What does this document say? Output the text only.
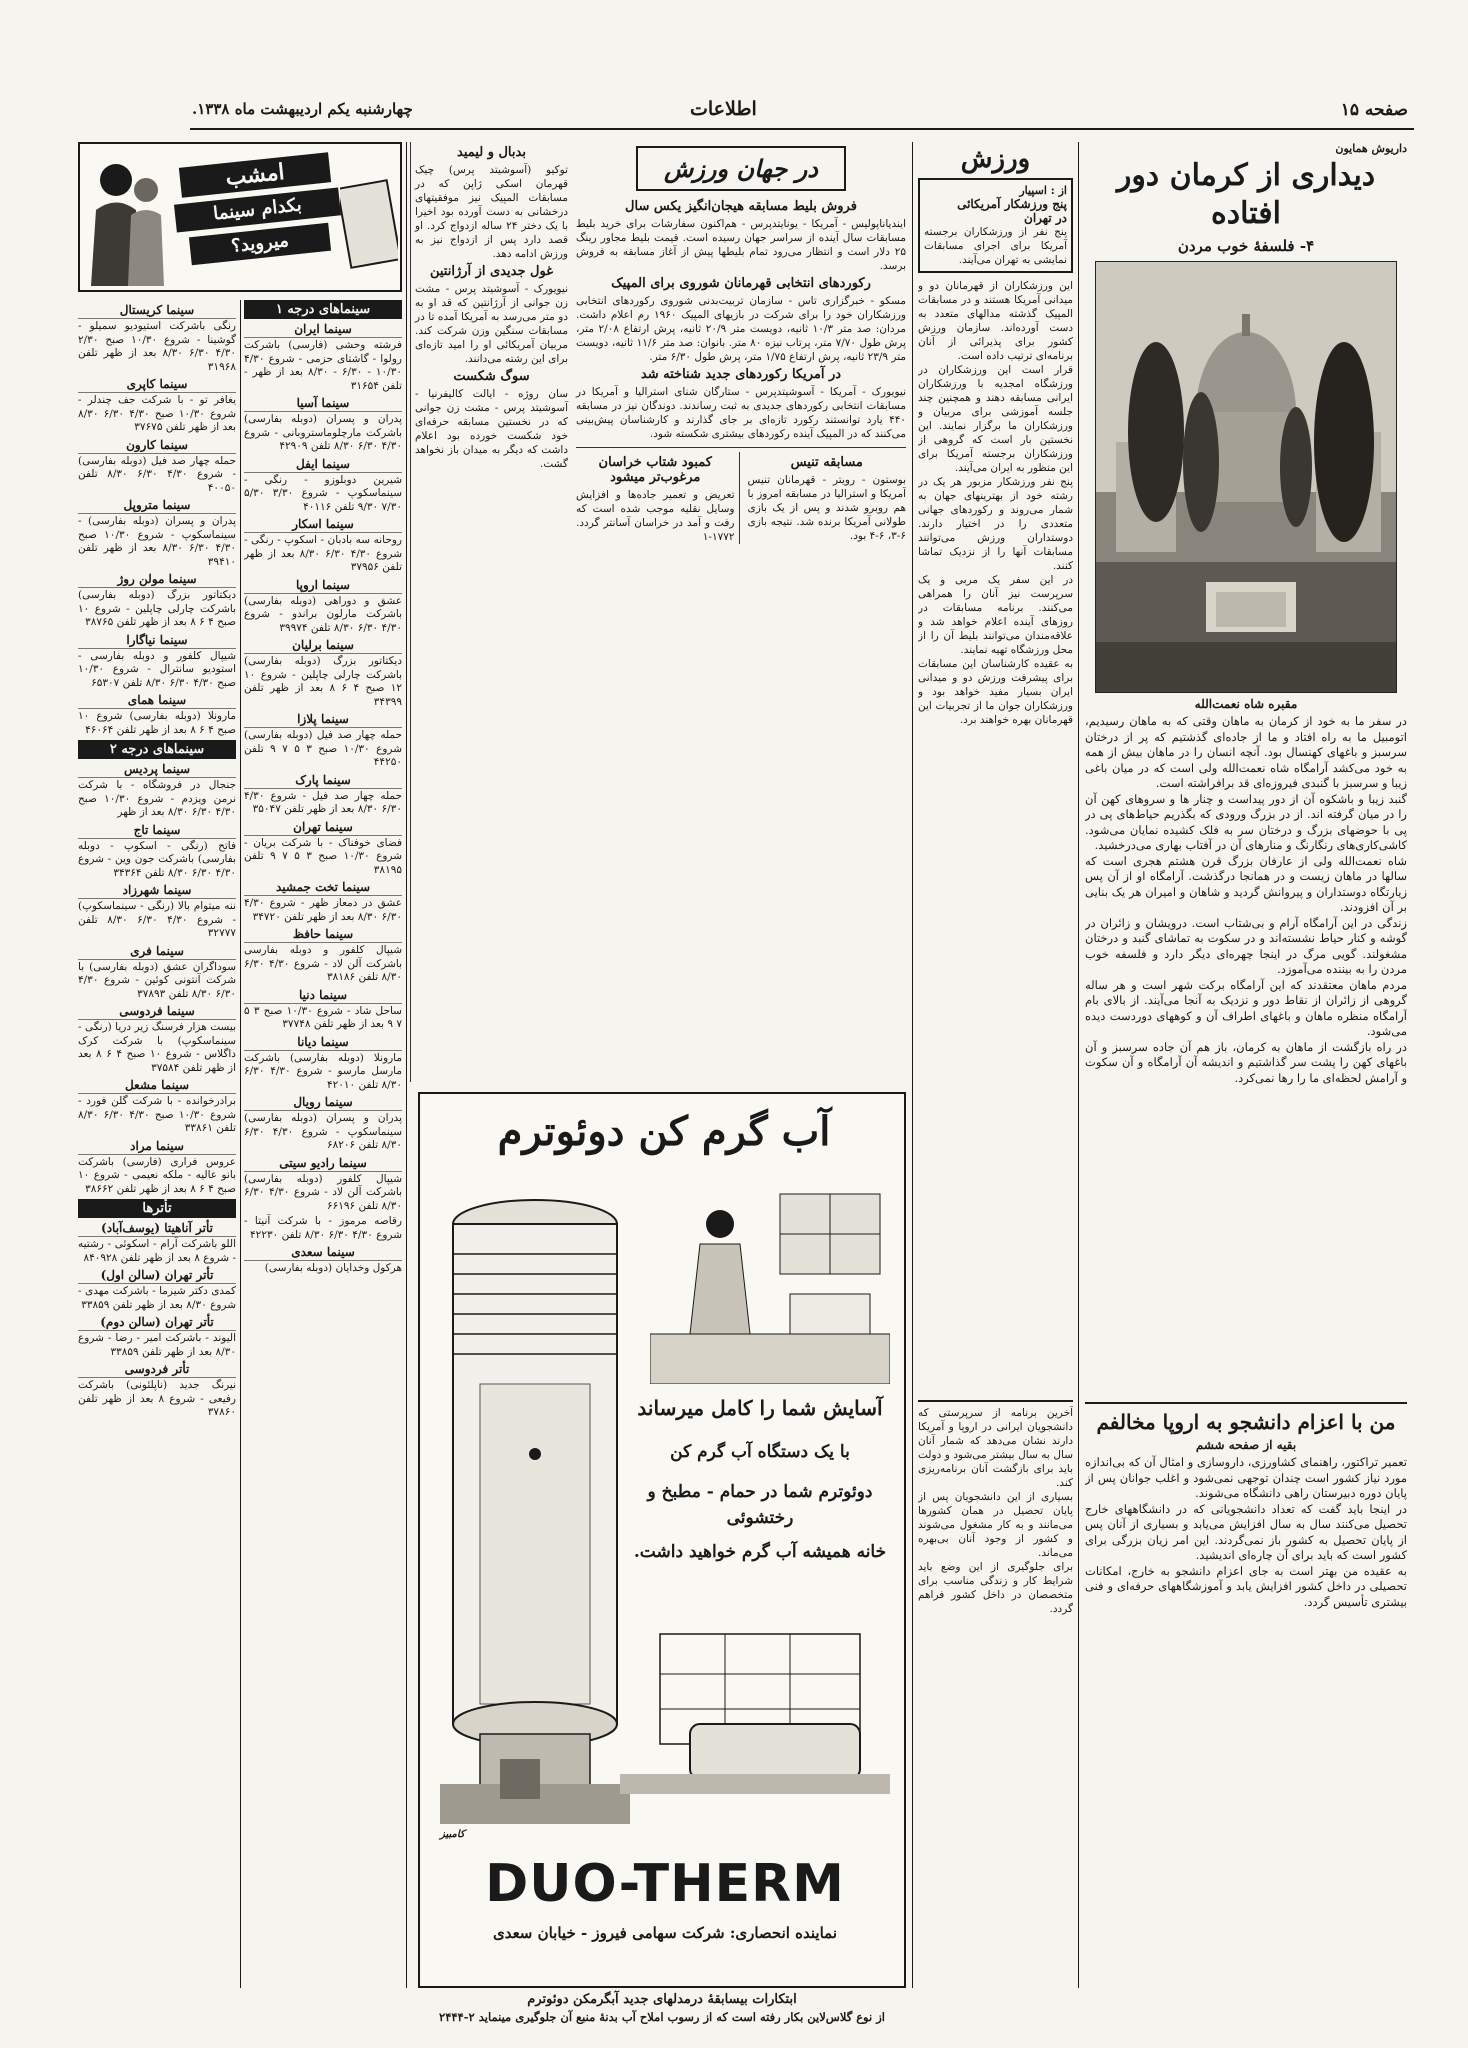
صفحه ۱۵
اطلاعات
چهارشنبه یکم اردیبهشت ماه ۱۳۳۸.
داریوش همایون
دیداری از کرمان دور افتاده
۴- فلسفهٔ خوب مردن
مقبره شاه نعمت‌الله

در سفر ما به خود از کرمان به ماهان وقتی که به ماهان رسیدیم، اتومبیل ما به راه افتاد و ما از جاده‌ای گذشتیم که پر از درختان سرسبز و باغهای کهنسال بود. آنچه انسان را در ماهان بیش از همه به خود می‌کشد آرامگاه شاه نعمت‌الله ولی است که در میان باغی زیبا و سرسبز با گنبدی فیروزه‌ای قد برافراشته است.

گنبد زیبا و باشکوه آن از دور پیداست و چنار ها و سروهای کهن آن را در میان گرفته اند. از در بزرگ ورودی که بگذریم حیاط‌های پی در پی با حوضهای بزرگ و درختان سر به فلک کشیده نمایان می‌شود. کاشی‌کاری‌های رنگارنگ و منارهای آن در آفتاب بهاری می‌درخشید.

شاه نعمت‌الله ولی از عارفان بزرگ قرن هشتم هجری است که سالها در ماهان زیست و در همانجا درگذشت. آرامگاه او از آن پس زیارتگاه دوستداران و پیروانش گردید و شاهان و امیران هر یک بنایی بر آن افزودند.

زندگی در این آرامگاه آرام و بی‌شتاب است. درویشان و زائران در گوشه و کنار حیاط نشسته‌اند و در سکوت به تماشای گنبد و درختان مشغولند. گویی مرگ در اینجا چهره‌ای دیگر دارد و فلسفه خوب مردن را به بیننده می‌آموزد.

مردم ماهان معتقدند که این آرامگاه برکت شهر است و هر ساله گروهی از زائران از نقاط دور و نزدیک به آنجا می‌آیند. از بالای بام آرامگاه منظره ماهان و باغهای اطراف آن و کوههای دوردست دیده می‌شود.

در راه بازگشت از ماهان به کرمان، باز هم آن جاده سرسبز و آن باغهای کهن را پشت سر گذاشتیم و اندیشه آن آرامگاه و آن سکوت و آرامش لحظه‌ای ما را رها نمی‌کرد.

من با اعزام دانشجو به اروپا مخالفم
بقیه از صفحه ششم

تعمیر تراکتور، راهنمای کشاورزی، داروسازی و امثال آن که بی‌اندازه مورد نیاز کشور است چندان توجهی نمی‌شود و اغلب جوانان پس از پایان دوره دبیرستان راهی دانشگاه می‌شوند.

در اینجا باید گفت که تعداد دانشجویانی که در دانشگاههای خارج تحصیل می‌کنند سال به سال افزایش می‌یابد و بسیاری از آنان پس از پایان تحصیل به کشور باز نمی‌گردند. این امر زیان بزرگی برای کشور است که باید برای آن چاره‌ای اندیشید.

به عقیده من بهتر است به جای اعزام دانشجو به خارج، امکانات تحصیلی در داخل کشور افزایش یابد و آموزشگاههای حرفه‌ای و فنی بیشتری تأسیس گردد.

ورزش
از : اسپیار
پنج ورزشکار آمریکائی
در تهران

پنج نفر از ورزشکاران برجسته آمریکا برای اجرای مسابقات نمایشی به تهران می‌آیند.

این ورزشکاران از قهرمانان دو و میدانی آمریکا هستند و در مسابقات المپیک گذشته مدالهای متعدد به دست آورده‌اند. سازمان ورزش کشور برای پذیرائی از آنان برنامه‌ای ترتیب داده است.

قرار است این ورزشکاران در ورزشگاه امجدیه با ورزشکاران ایرانی مسابقه دهند و همچنین چند جلسه آموزشی برای مربیان و ورزشکاران ما برگزار نمایند. این نخستین بار است که گروهی از ورزشکاران برجسته آمریکا برای این منظور به ایران می‌آیند.

پنج نفر ورزشکار مزبور هر یک در رشته خود از بهترینهای جهان به شمار می‌روند و رکوردهای جهانی متعددی را در اختیار دارند. دوستداران ورزش می‌توانند مسابقات آنها را از نزدیک تماشا کنند.

در این سفر یک مربی و یک سرپرست نیز آنان را همراهی می‌کنند. برنامه مسابقات در روزهای آینده اعلام خواهد شد و علاقه‌مندان می‌توانند بلیط آن را از محل ورزشگاه تهیه نمایند.

به عقیده کارشناسان این مسابقات برای پیشرفت ورزش دو و میدانی ایران بسیار مفید خواهد بود و ورزشکاران جوان ما از تجربیات این قهرمانان بهره خواهند برد.

آخرین برنامه از سرپرستی که دانشجویان ایرانی در اروپا و آمریکا دارند نشان می‌دهد که شمار آنان سال به سال بیشتر می‌شود و دولت باید برای بازگشت آنان برنامه‌ریزی کند.

بسیاری از این دانشجویان پس از پایان تحصیل در همان کشورها می‌مانند و به کار مشغول می‌شوند و کشور از وجود آنان بی‌بهره می‌ماند.

برای جلوگیری از این وضع باید شرایط کار و زندگی مناسب برای متخصصان در داخل کشور فراهم گردد.

در جهان ورزش
فروش بلیط مسابقه هیجان‌انگیز یکس سال

ایندیاناپولیس - آمریکا - یونایتدپرس - هم‌اکنون سفارشات برای خرید بلیط مسابقات سال آینده از سراسر جهان رسیده است. قیمت بلیط مجاور رینگ ۲۵ دلار است و انتظار می‌رود تمام بلیطها پیش از آغاز مسابقه به فروش برسد.

رکوردهای انتخابی قهرمانان شوروی برای المپیک

مسکو - خبرگزاری تاس - سازمان تربیت‌بدنی شوروی رکوردهای انتخابی ورزشکاران خود را برای شرکت در بازیهای المپیک ۱۹۶۰ رم اعلام داشت. مردان: صد متر ۱۰/۳ ثانیه، دویست متر ۲۰/۹ ثانیه، پرش ارتفاع ۲/۰۸ متر، پرش طول ۷/۷۰ متر، پرتاب نیزه ۸۰ متر. بانوان: صد متر ۱۱/۶ ثانیه، دویست متر ۲۳/۹ ثانیه، پرش ارتفاع ۱/۷۵ متر، پرش طول ۶/۳۰ متر.

در آمریکا رکوردهای جدید شناخته شد

نیویورک - آمریکا - آسوشیتدپرس - ستارگان شنای استرالیا و آمریکا در مسابقات انتخابی رکوردهای جدیدی به ثبت رساندند. دوندگان نیز در مسابقه ۴۴۰ یارد توانستند رکورد تازه‌ای بر جای گذارند و کارشناسان پیش‌بینی می‌کنند که در المپیک آینده رکوردهای بیشتری شکسته شود.

مسابقه تنیس

بوستون - رویتر - قهرمانان تنیس آمریکا و استرالیا در مسابقه امروز با هم روبرو شدند و پس از یک بازی طولانی آمریکا برنده شد. نتیجه بازی ۶-۳، ۶-۴ بود.

کمبود شتاب خراسان مرغوب‌تر میشود

تعریض و تعمیر جاده‌ها و افزایش وسایل نقلیه موجب شده است که رفت و آمد در خراسان آسانتر گردد. ۱۷۷۲-۱

بدبال و لیمید

توکیو (آسوشیتد پرس) چیک قهرمان اسکی ژاپن که در مسابقات المپیک نیز موفقیتهای درخشانی به دست آورده بود اخیرا با یک دختر ۲۴ ساله ازدواج کرد. او قصد دارد پس از ازدواج نیز به ورزش ادامه دهد.

غول جدیدی از آرژانتین

نیویورک - آسوشیتد پرس - مشت زن جوانی از آرژانتین که قد او به دو متر می‌رسد به آمریکا آمده تا در مسابقات سنگین وزن شرکت کند. مربیان آمریکائی او را امید تازه‌ای برای این رشته می‌دانند.

سوگ شکست

سان روژه - ایالت کالیفرنیا - آسوشیتد پرس - مشت زن جوانی که در نخستین مسابقه حرفه‌ای خود شکست خورده بود اعلام داشت که دیگر به میدان باز نخواهد گشت.

آب گرم کن دوئوترم
آسایش شما را کامل میرساند
با یک دستگاه آب گرم کن
دوئوترم شما در حمام - مطبخ و رختشوئی
خانه همیشه آب گرم خواهید داشت.
DUO-THERM
نماینده انحصاری: شرکت سهامی فیروز - خیابان سعدی
کامبیز
ابتکارات بیسابقهٔ درمدلهای جدید آبگرمکن دوئوترم
از نوع گلاس‌لاین بکار رفته است که از رسوب املاح آب بدنهٔ منبع آن جلوگیری مینماید ۲-۲۴۴۴
امشب
بکدام سینما
میروید؟
سینماهای درجه ۱
سینما ایران

فرشته وحشی (فارسی) باشرکت رولوا - گاشتای حزمی - شروع ۴/۳۰ ۱۰/۳۰ - ۶/۳۰ - ۸/۳۰ بعد از ظهر - تلفن ۳۱۶۵۴

سینما آسیا

پدران و پسران (دوبله بفارسی) باشرکت مارچلوماستروبانی - شروع ۴/۳۰ ۶/۳۰ ۸/۳۰ تلفن ۴۲۹۰۹

سینما ایفل

شیرین دوبلوزو - رنگی - سینماسکوپ - شروع ۳/۳۰ ۵/۳۰ ۷/۳۰ ۹/۳۰ تلفن ۴۰۱۱۶

سینما اسکار

روحانه سه بادبان - اسکوپ - رنگی - شروع ۴/۳۰ ۶/۳۰ ۸/۳۰ بعد از ظهر تلفن ۳۷۹۵۶

سینما اروپا

عشق و دوراهی (دوبله بفارسی) باشرکت مارلون براندو - شروع ۴/۳۰ ۶/۳۰ ۸/۳۰ تلفن ۳۹۹۷۴

سینما برلیان

دیکتاتور بزرگ (دوبله بفارسی) باشرکت چارلی چاپلین - شروع ۱۰ ۱۲ صبح ۴ ۶ ۸ بعد از ظهر تلفن ۳۴۳۹۹

سینما پلازا

حمله چهار صد فیل (دوبله بفارسی) شروع ۱۰/۳۰ صبح ۳ ۵ ۷ ۹ تلفن ۴۴۲۵۰

سینما پارک

حمله چهار صد فیل - شروع ۴/۳۰ ۶/۳۰ ۸/۳۰ بعد از ظهر تلفن ۳۵۰۴۷

سینما تهران

فضای خوفناک - با شرکت بریان - شروع ۱۰/۳۰ صبح ۳ ۵ ۷ ۹ تلفن ۳۸۱۹۵

سینما تخت جمشید

عشق در دمعاز ظهر - شروع ۴/۳۰ ۶/۳۰ ۸/۳۰ بعد از ظهر تلفن ۳۴۷۲۰

سینما حافظ

شیپال کلفور و دوبله بفارسی باشرکت آلن لاد - شروع ۴/۳۰ ۶/۳۰ ۸/۳۰ تلفن ۳۸۱۸۶

سینما دنیا

ساحل شاد - شروع ۱۰/۳۰ صبح ۳ ۵ ۷ ۹ بعد از ظهر تلفن ۳۷۷۴۸

سینما دیانا

مارونلا (دوبله بفارسی) باشرکت مارسل مارسو - شروع ۴/۳۰ ۶/۳۰ ۸/۳۰ تلفن ۴۲۰۱۰

سینما رویال

پدران و پسران (دوبله بفارسی) سینماسکوپ - شروع ۴/۳۰ ۶/۳۰ ۸/۳۰ تلفن ۶۸۲۰۶

سینما رادیو سیتی

شیپال کلفور (دوبله بفارسی) باشرکت آلن لاد - شروع ۴/۳۰ ۶/۳۰ ۸/۳۰ تلفن ۶۶۱۹۶

رقاصه مرموز - با شرکت آنیتا - شروع ۴/۳۰ ۶/۳۰ ۸/۳۰ تلفن ۴۲۲۳۰

سینما سعدی

هرکول وخدایان (دوبله بفارسی)

سینما کریستال

رنگی باشرکت استیودیو سمیلو - گوشینا - شروع ۱۰/۳۰ صبح ۲/۳۰ ۴/۳۰ ۶/۳۰ ۸/۳۰ بعد از ظهر تلفن ۳۱۹۶۸

سینما کاپری

یغافر تو - با شرکت جف چندلر - شروع ۱۰/۳۰ صبح ۴/۳۰ ۶/۳۰ ۸/۳۰ بعد از ظهر تلفن ۳۷۶۷۵

سینما کارون

حمله چهار صد فیل (دوبله بفارسی) - شروع ۴/۳۰ ۶/۳۰ ۸/۳۰ تلفن ۴۰۰۵۰

سینما متروپل

پدران و پسران (دوبله بفارسی) - سینماسکوپ - شروع ۱۰/۳۰ صبح ۴/۳۰ ۶/۳۰ ۸/۳۰ بعد از ظهر تلفن ۳۹۴۱۰

سینما مولن روژ

دیکتاتور بزرگ (دوبله بفارسی) باشرکت چارلی چاپلین - شروع ۱۰ صبح ۴ ۶ ۸ بعد از ظهر تلفن ۳۸۷۶۵

سینما نیاگارا

شیپال کلفور و دوبله بفارسی - استودیو سانترال - شروع ۱۰/۳۰ صبح ۴/۳۰ ۶/۳۰ ۸/۳۰ تلفن ۶۵۳۰۷

سینما همای

مارونلا (دوبله بفارسی) شروع ۱۰ صبح ۴ ۶ ۸ بعد از ظهر تلفن ۴۶۰۶۴

سینماهای درجه ۲
سینما پردیس

جنجال در فروشگاه - با شرکت نرمن ویزدم - شروع ۱۰/۳۰ صبح ۴/۳۰ ۶/۳۰ ۸/۳۰ بعد از ظهر

سینما تاج

فاتح (رنگی - اسکوپ - دوبله بفارسی) باشرکت جون وین - شروع ۴/۳۰ ۶/۳۰ ۸/۳۰ تلفن ۳۴۳۶۴

سینما شهرزاد

ننه میتوام بالا (رنگی - سینماسکوپ) - شروع ۴/۳۰ ۶/۳۰ ۸/۳۰ تلفن ۳۲۷۷۷

سینما فری

سوداگران عشق (دوبله بفارسی) با شرکت آنتونی کوئین - شروع ۴/۳۰ ۶/۳۰ ۸/۳۰ تلفن ۳۷۸۹۳

سینما فردوسی

بیست هزار فرسنگ زیر دریا (رنگی - سینماسکوپ) با شرکت کرک داگلاس - شروع ۱۰ صبح ۴ ۶ ۸ بعد از ظهر تلفن ۳۷۵۸۴

سینما مشعل

برادرخوانده - با شرکت گلن فورد - شروع ۱۰/۳۰ صبح ۴/۳۰ ۶/۳۰ ۸/۳۰ تلفن ۳۳۸۶۱

سینما مراد

عروس فراری (فارسی) باشرکت بانو عالیه - ملکه نعیمی - شروع ۱۰ صبح ۴ ۶ ۸ بعد از ظهر تلفن ۳۸۶۶۲

تأترها
تأتر آناهیتا (یوسف‌آباد)

اللو باشرکت آرام - اسکوئی - رشتیه - شروع ۸ بعد از ظهر تلفن ۸۴۰۹۲۸

تأتر تهران (سالن اول)

کمدی دکتر شیرما - باشرکت مهدی - شروع ۸/۳۰ بعد از ظهر تلفن ۳۳۸۵۹

تأتر تهران (سالن دوم)

الیوند - باشرکت امیر - رضا - شروع ۸/۳۰ بعد از ظهر تلفن ۳۳۸۵۹

تأتر فردوسی

نیرنگ جدید (ناپلئونی) باشرکت رفیعی - شروع ۸ بعد از ظهر تلفن ۳۷۸۶۰
